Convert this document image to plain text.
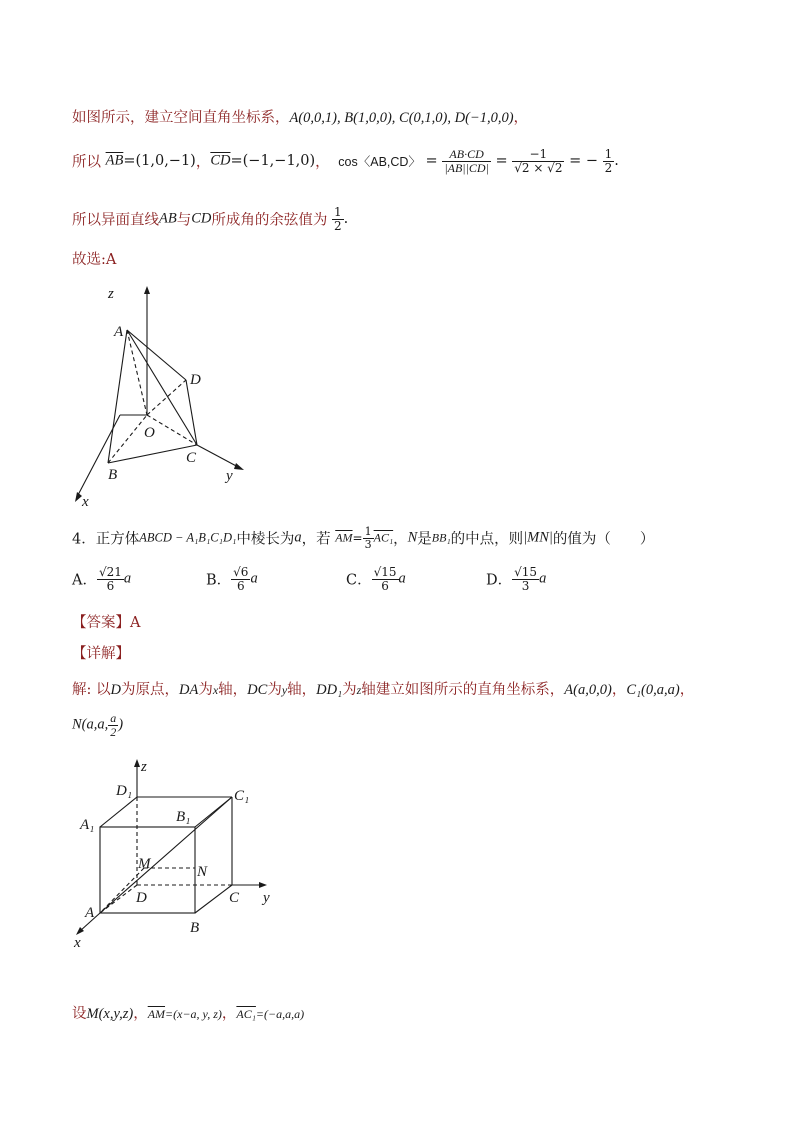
如图所示，建立空间直角坐标系，A(0,0,1), B(1,0,0), C(0,1,0), D(−1,0,0)，
所以 $\overline{AB}=(1,0,-1)$，$\overline{CD}=(-1,-1,0)$， cos〈AB,CD〉 = $\frac{AB\cdot CD}{|AB||CD|} = \frac{-1}{√2 \times √2}$ = − $\frac{1}{2}$ .
所以异面直线AB与CD所成角的余弦值为 $\frac{1}{2}$ .
故选:A
z
A
D
O
B
C
y
x
4．正方体ABCD − A₁B₁C₁D₁中棱长为a，若 $\overline{AM}= \frac{1}{3} AC_1$，N是BB₁的中点，则|MN|的值为（　　）
A． $\frac{√21}{6}$ a	B． $\frac{√6}{6}$ a	C． $\frac{√15}{6}$ a	D． $\frac{√15}{3}$ a
【答案】A
【详解】
解: 以D为原点，DA为x轴，DC为y轴，DD₁为z轴建立如图所示的直角坐标系，A(a,0,0)，C₁(0,a,a)，
N(a,a, $\frac{a}{2}$ )
z
D₁	C₁
A₁	B₁
M	N
D	C y
A
B
x
设M(x,y,z)，$\overline{AM}=(x-a$, y, z)，AC₁=(−a,a,a)
